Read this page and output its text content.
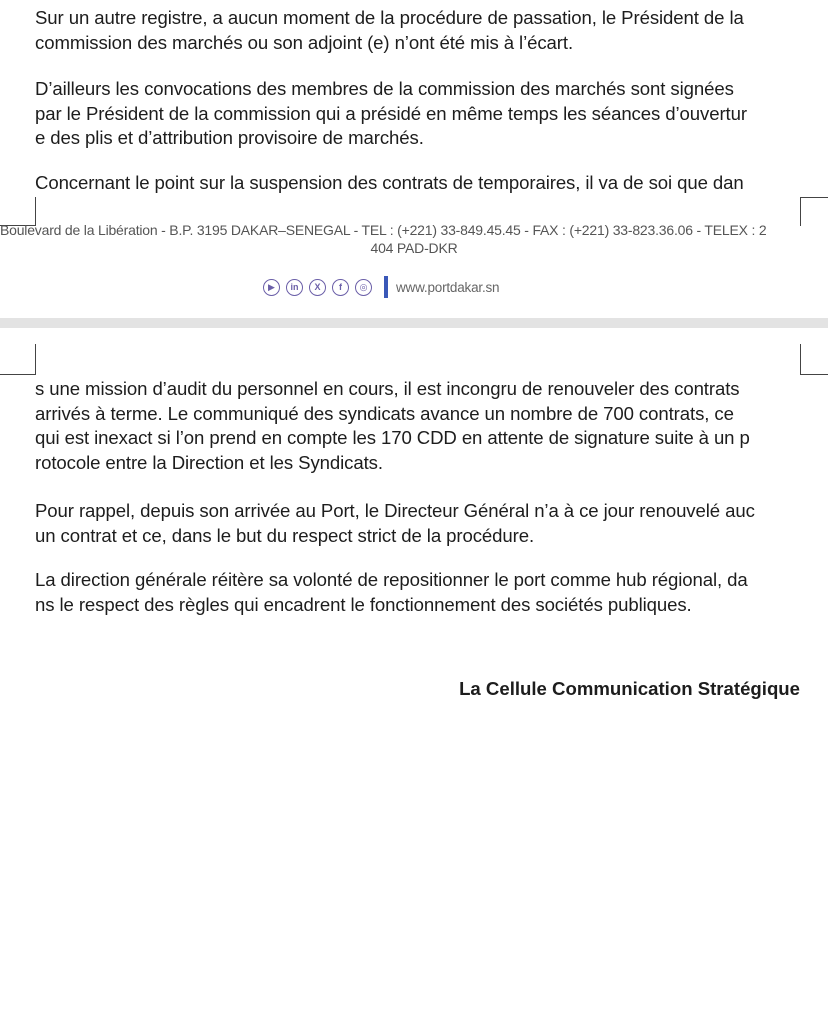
Sur un autre registre, a aucun moment de la procédure de passation, le Président de la
commission des marchés ou son adjoint (e) n’ont été mis à l’écart.

D’ailleurs les convocations des membres de la commission des marchés sont signées
par le Président de la commission qui a présidé en même temps les séances d’ouvertur
e des plis et d’attribution provisoire de marchés.

Concernant le point sur la suspension des contrats de temporaires, il va de soi que dan

Boulevard de la Libération - B.P. 3195 DAKAR–SENEGAL - TEL : (+221) 33-849.45.45 - FAX : (+221) 33-823.36.06 - TELEX : 2
404 PAD-DKR
▶	in	X	f	◎	www.portdakar.sn

s une mission d’audit du personnel en cours, il est incongru de renouveler des contrats
arrivés à terme. Le communiqué des syndicats avance un nombre de 700 contrats, ce
qui est inexact si l’on prend en compte les 170 CDD en attente de signature suite à un p
rotocole entre la Direction et les Syndicats.

Pour rappel, depuis son arrivée au Port, le Directeur Général n’a à ce jour renouvelé auc
un contrat et ce, dans le but du respect strict de la procédure.

La direction générale réitère sa volonté de repositionner le port comme hub régional, da
ns le respect des règles qui encadrent le fonctionnement des sociétés publiques.

La Cellule Communication Stratégique
